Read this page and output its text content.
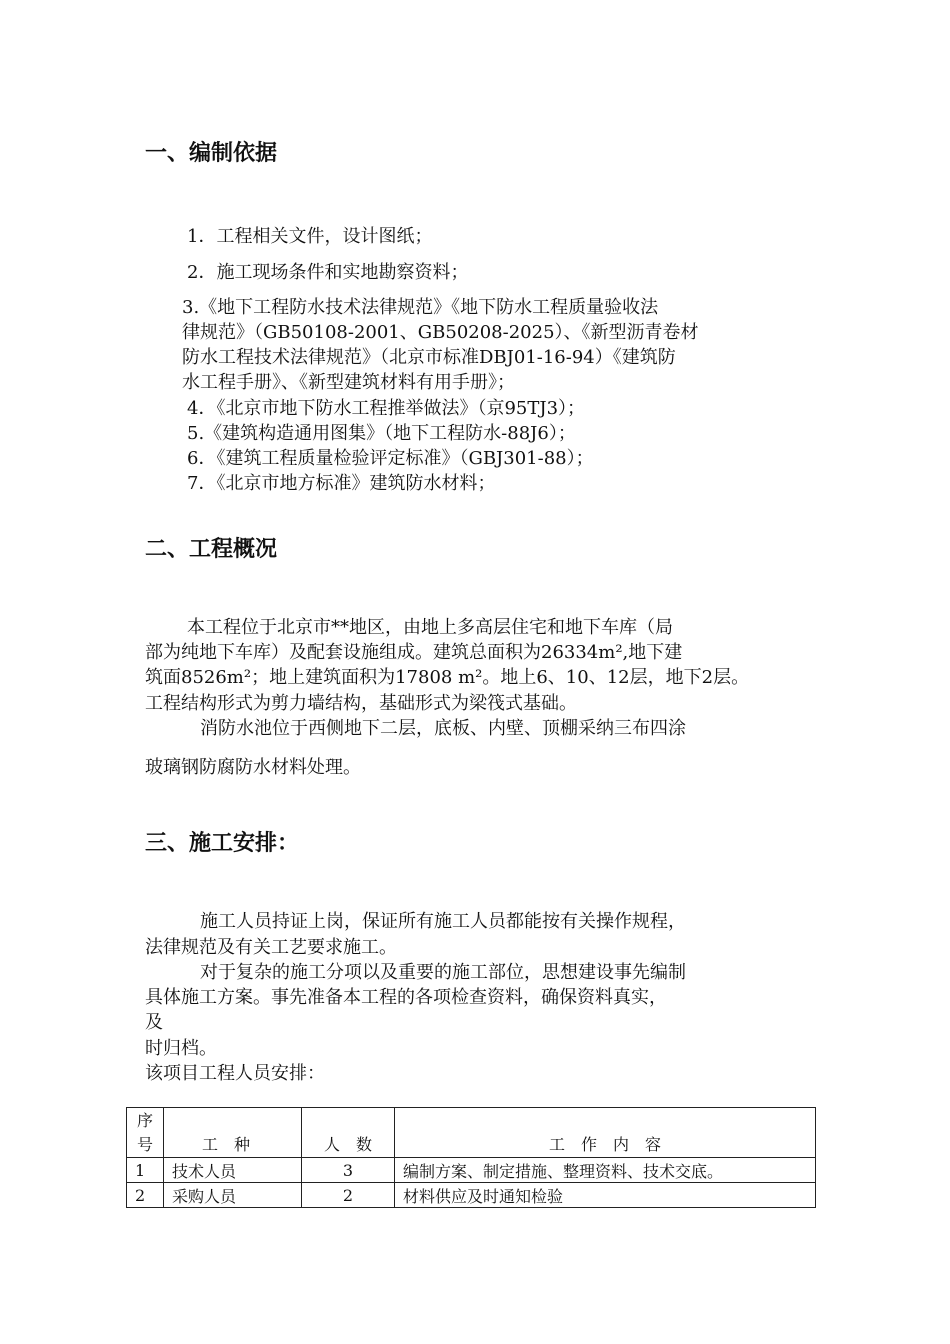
一、编制依据
1．工程相关文件，设计图纸；
2．施工现场条件和实地勘察资料；
3.《地下工程防水技术法律规范》《地下防水工程质量验收法
律规范》（GB50108-2001、GB50208-2025）、《新型沥青卷材
防水工程技术法律规范》（北京市标准DBJ01-16-94）《建筑防
水工程手册》、《新型建筑材料有用手册》；
4．《北京市地下防水工程推举做法》（京95TJ3）；
5.《建筑构造通用图集》（地下工程防水-88J6）；
6．《建筑工程质量检验评定标准》（GBJ301-88）；
7．《北京市地方标准》建筑防水材料；
二、工程概况
本工程位于北京市**地区，由地上多高层住宅和地下车库（局
部为纯地下车库）及配套设施组成。建筑总面积为26334m²,地下建
筑面8526m²；地上建筑面积为17808 m²。地上6、10、12层，地下2层。
工程结构形式为剪力墙结构，基础形式为梁筏式基础。
消防水池位于西侧地下二层，底板、内壁、顶棚采纳三布四涂
玻璃钢防腐防水材料处理。
三、施工安排：
施工人员持证上岗，保证所有施工人员都能按有关操作规程，
法律规范及有关工艺要求施工。
对于复杂的施工分项以及重要的施工部位，思想建设事先编制
具体施工方案。事先准备本工程的各项检查资料，确保资料真实，
及
时归档。
该项目工程人员安排：
序
号	工　种	人　数	工　作　内　容
1	技术人员	3	编制方案、制定措施、整理资料、技术交底。
2	采购人员	2	材料供应及时通知检验
